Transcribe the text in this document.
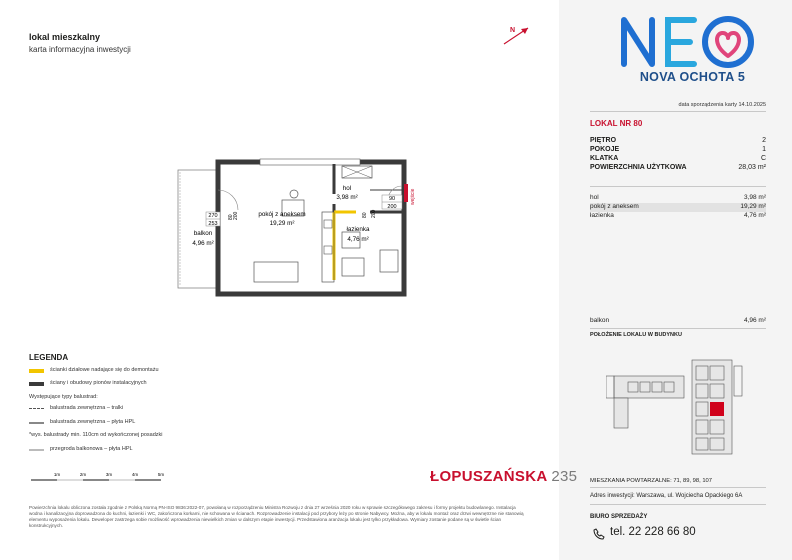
lokal mieszkalny
karta informacyjna inwestycji
N
NOVA OCHOTA 5
data sporządzenia karty 14.10.2025
LOKAL NR 80
PIĘTRO	2
POKOJE	1
KLATKA	C
POWIERZCHNIA UŻYTKOWA	28,03 m²
hol	3,98 m²
pokój z aneksem	19,29 m²
łazienka	4,76 m²
balkon	4,96 m²
POŁOŻENIE LOKALU W BUDYNKU
MIESZKANIA POWTARZALNE: 71, 89, 98, 107
Adres inwestycji: Warszawa, ul. Wojciecha Opackiego 6A
BIURO SPRZEDAŻY
tel. 22 228 66 80
hol
3,98 m²
pokój z aneksem
19,29 m²
łazienka
4,76 m²
balkon
4,96 m²
90
200
270
253
80 200	80 200
wejście
LEGENDA
ścianki działowe nadające się do demontażu
ściany i obudowy pionów instalacyjnych
Występujące typy balustrad:
balustrada zewnętrzna – tralki
balustrada zewnętrzna – płyta HPL
*wys. balustrady min. 110cm od wykończonej posadzki
przegroda balkonowa – płyta HPL
1m	2m	3m	4m	5m	ŁOPUSZAŃSKA 235
Powierzchnia lokalu obliczona została zgodnie z Polską Normą PN-ISO 9836:2022-07, powołaną w rozporządzeniu Ministra Rozwoju z dnia 27 września 2020 roku w sprawie szczegółowego zakresu i formy projektu budowlanego. Instalacja wodna i kanalizacyjna doprowadzona do kuchni, łazienki i WC, zakończona korkami, nie schowana w ścianach. Rozprowadzenie instalacji pod przybory leży po stronie Nabywcy. Można, aby w lokalu montaż oraz drzwi wewnętrzne nie stanowią elementu wyposażenia lokalu. Deweloper zastrzega sobie możliwość wprowadzenia niewielkich zmian w dalszym etapie inwestycji. Przedstawiona aranżacja lokalu jest tylko przykładowa. Wymiary zostanie podane są w świetle ścian konstrukcyjnych.
